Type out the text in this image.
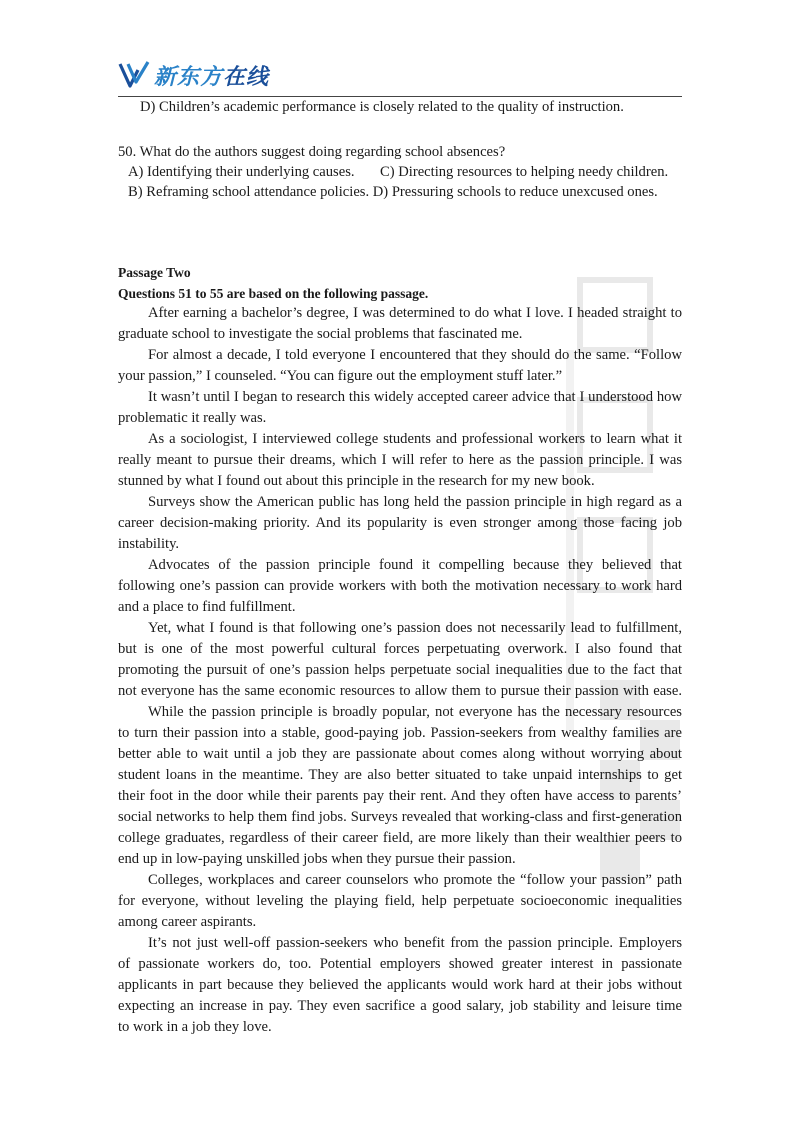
新东方在线
D) Children’s academic performance is closely related to the quality of instruction.
50. What do the authors suggest doing regarding school absences?
A) Identifying their underlying causes. C) Directing resources to helping needy children.
B) Reframing school attendance policies. D) Pressuring schools to reduce unexcused ones.
Passage Two
Questions 51 to 55 are based on the following passage.
After earning a bachelor’s degree, I was determined to do what I love. I headed straight to
graduate school to investigate the social problems that fascinated me.
For almost a decade, I told everyone I encountered that they should do the same. “Follow
your passion,” I counseled. “You can figure out the employment stuff later.”
It wasn’t until I began to research this widely accepted career advice that I understood how
problematic it really was.
As a sociologist, I interviewed college students and professional workers to learn what it
really meant to pursue their dreams, which I will refer to here as the passion principle. I was
stunned by what I found out about this principle in the research for my new book.
Surveys show the American public has long held the passion principle in high regard as a
career decision-making priority. And its popularity is even stronger among those facing job
instability.
Advocates of the passion principle found it compelling because they believed that
following one’s passion can provide workers with both the motivation necessary to work hard
and a place to find fulfillment.
Yet, what I found is that following one’s passion does not necessarily lead to fulfillment,
but is one of the most powerful cultural forces perpetuating overwork. I also found that
promoting the pursuit of one’s passion helps perpetuate social inequalities due to the fact that
not everyone has the same economic resources to allow them to pursue their passion with ease.
While the passion principle is broadly popular, not everyone has the necessary resources
to turn their passion into a stable, good-paying job. Passion-seekers from wealthy families are
better able to wait until a job they are passionate about comes along without worrying about
student loans in the meantime. They are also better situated to take unpaid internships to get
their foot in the door while their parents pay their rent. And they often have access to parents’
social networks to help them find jobs. Surveys revealed that working-class and first-generation
college graduates, regardless of their career field, are more likely than their wealthier peers to
end up in low-paying unskilled jobs when they pursue their passion.
Colleges, workplaces and career counselors who promote the “follow your passion” path
for everyone, without leveling the playing field, help perpetuate socioeconomic inequalities
among career aspirants.
It’s not just well-off passion-seekers who benefit from the passion principle. Employers
of passionate workers do, too. Potential employers showed greater interest in passionate
applicants in part because they believed the applicants would work hard at their jobs without
expecting an increase in pay. They even sacrifice a good salary, job stability and leisure time
to work in a job they love.
